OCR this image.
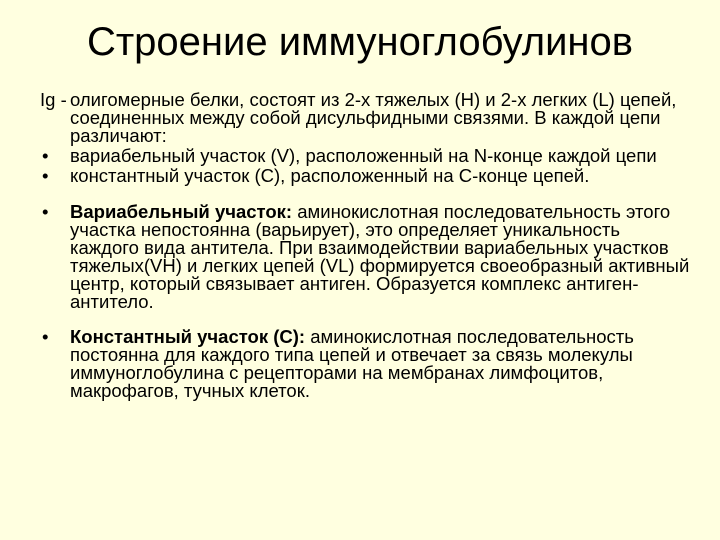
Строение иммуноглобулинов

Ig - олигомерные белки, состоят из 2-х тяжелых (H) и 2-х легких (L) цепей, соединенных между собой дисульфидными связями. В каждой цепи различают:

• вариабельный участок (V), расположенный на N-конце каждой цепи

• константный участок (С), расположенный на С-конце цепей.

• Вариабельный участок: аминокислотная последовательность этого участка непостоянна (варьирует), это определяет уникальность каждого вида антитела. При взаимодействии вариабельных участков тяжелых(VH) и легких цепей (VL) формируется своеобразный активный центр, который связывает антиген. Образуется комплекс антиген-антитело.

• Константный участок (С): аминокислотная последовательность постоянна для каждого типа цепей и отвечает за связь молекулы иммуноглобулина с рецепторами на мембранах лимфоцитов, макрофагов, тучных клеток.
